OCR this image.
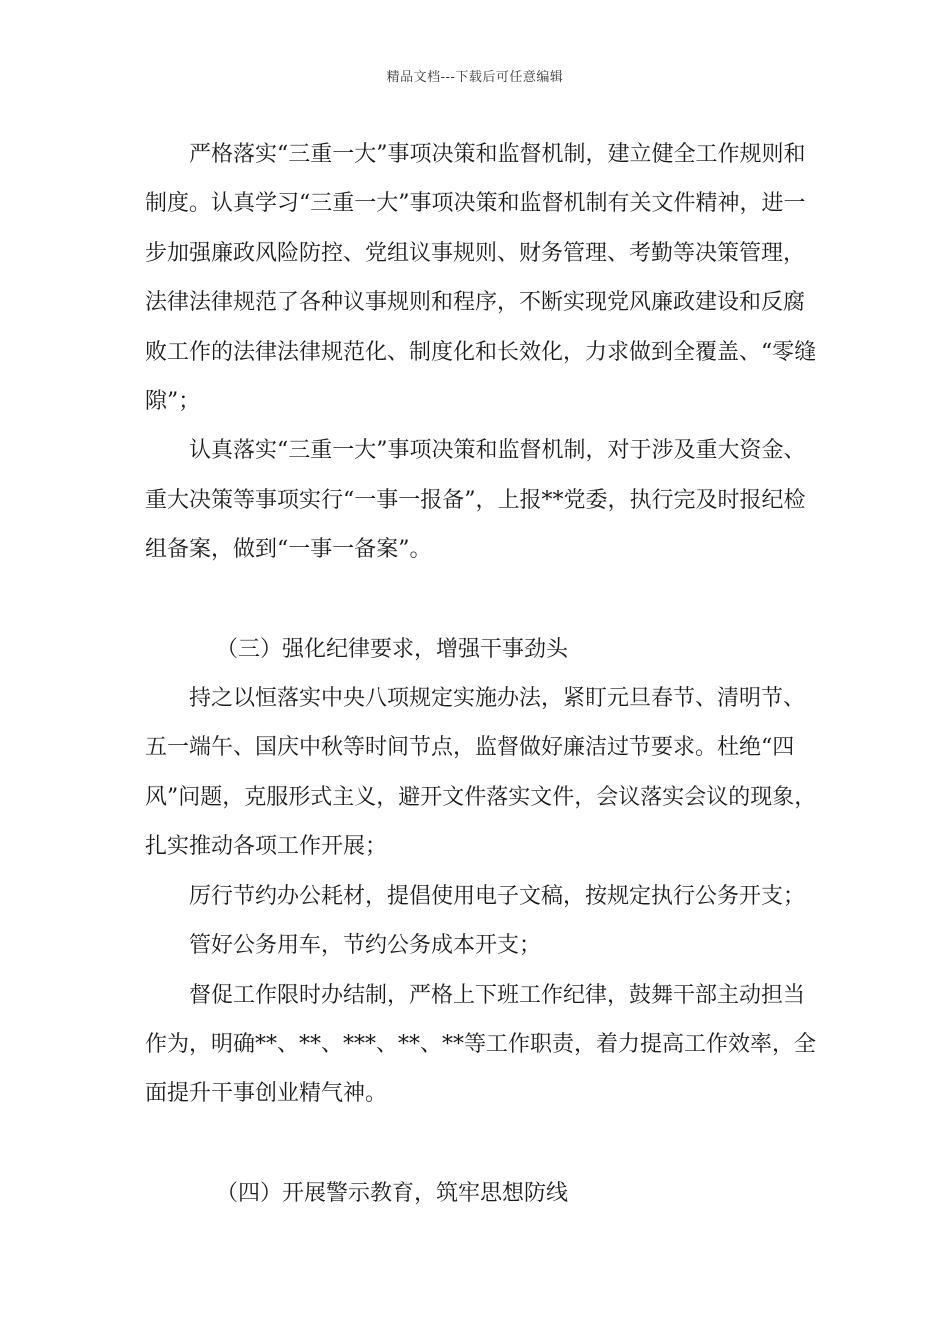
精品文档---下载后可任意编辑

严格落实“三重一大”事项决策和监督机制，建立健全工作规则和制度。认真学习“三重一大”事项决策和监督机制有关文件精神，进一步加强廉政风险防控、党组议事规则、财务管理、考勤等决策管理，法律法律规范了各种议事规则和程序，不断实现党风廉政建设和反腐败工作的法律法律规范化、制度化和长效化，力求做到全覆盖、“零缝隙”；

认真落实“三重一大”事项决策和监督机制，对于涉及重大资金、重大决策等事项实行“一事一报备”，上报**党委，执行完及时报纪检组备案，做到“一事一备案”。

（三）强化纪律要求，增强干事劲头

持之以恒落实中央八项规定实施办法，紧盯元旦春节、清明节、五一端午、国庆中秋等时间节点，监督做好廉洁过节要求。杜绝“四风”问题，克服形式主义，避开文件落实文件，会议落实会议的现象，扎实推动各项工作开展；

厉行节约办公耗材，提倡使用电子文稿，按规定执行公务开支；

管好公务用车，节约公务成本开支；

督促工作限时办结制，严格上下班工作纪律，鼓舞干部主动担当作为，明确**、**、***、**、**等工作职责，着力提高工作效率，全面提升干事创业精气神。

（四）开展警示教育，筑牢思想防线
